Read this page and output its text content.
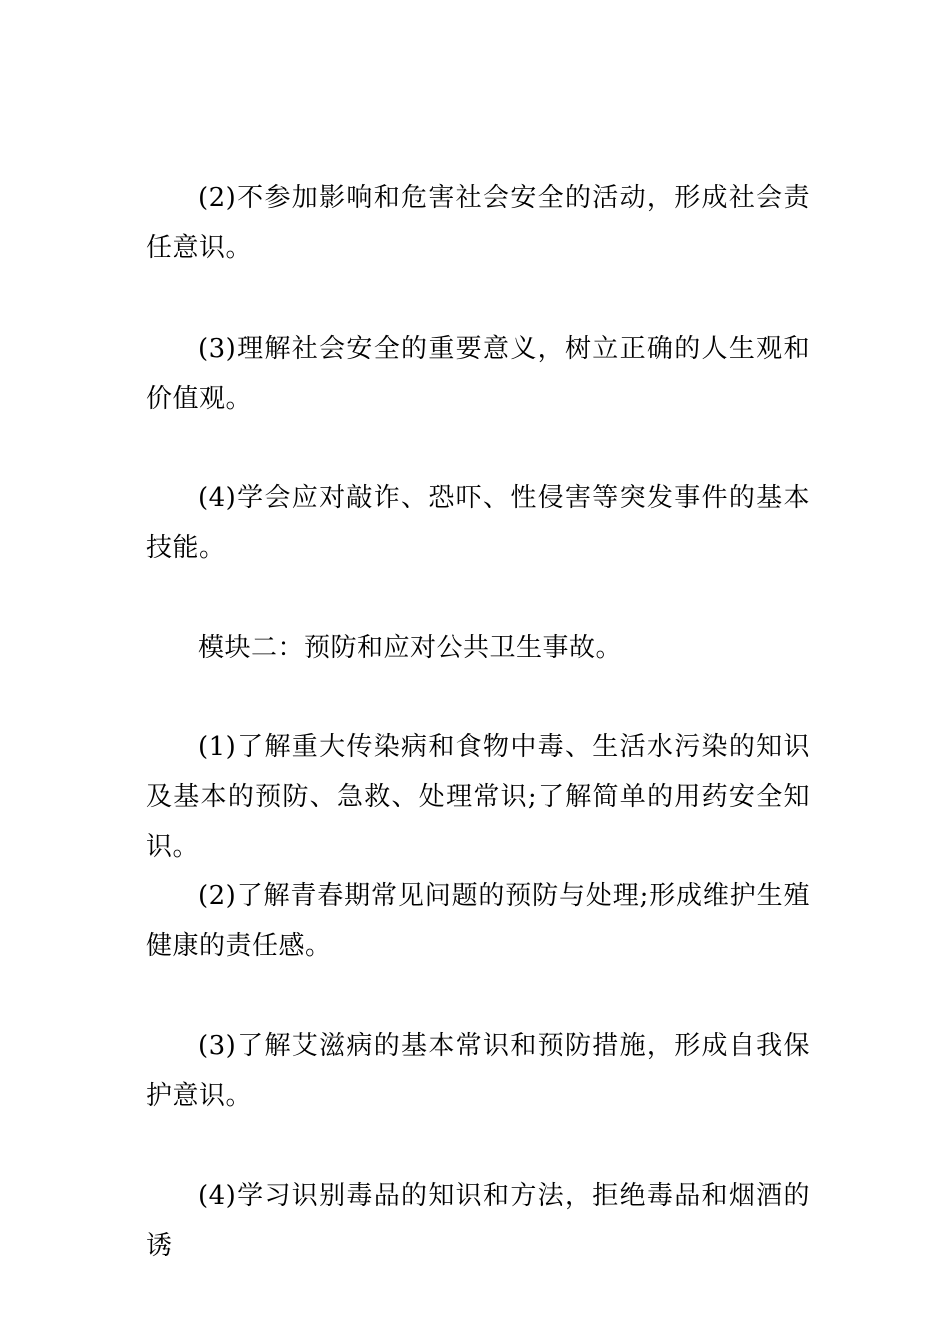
(2)不参加影响和危害社会安全的活动，形成社会责任意识。

(3)理解社会安全的重要意义，树立正确的人生观和价值观。

(4)学会应对敲诈、恐吓、性侵害等突发事件的基本技能。

模块二：预防和应对公共卫生事故。

(1)了解重大传染病和食物中毒、生活水污染的知识及基本的预防、急救、处理常识;了解简单的用药安全知识。

(2)了解青春期常见问题的预防与处理;形成维护生殖健康的责任感。

(3)了解艾滋病的基本常识和预防措施，形成自我保护意识。

(4)学习识别毒品的知识和方法，拒绝毒品和烟酒的诱
